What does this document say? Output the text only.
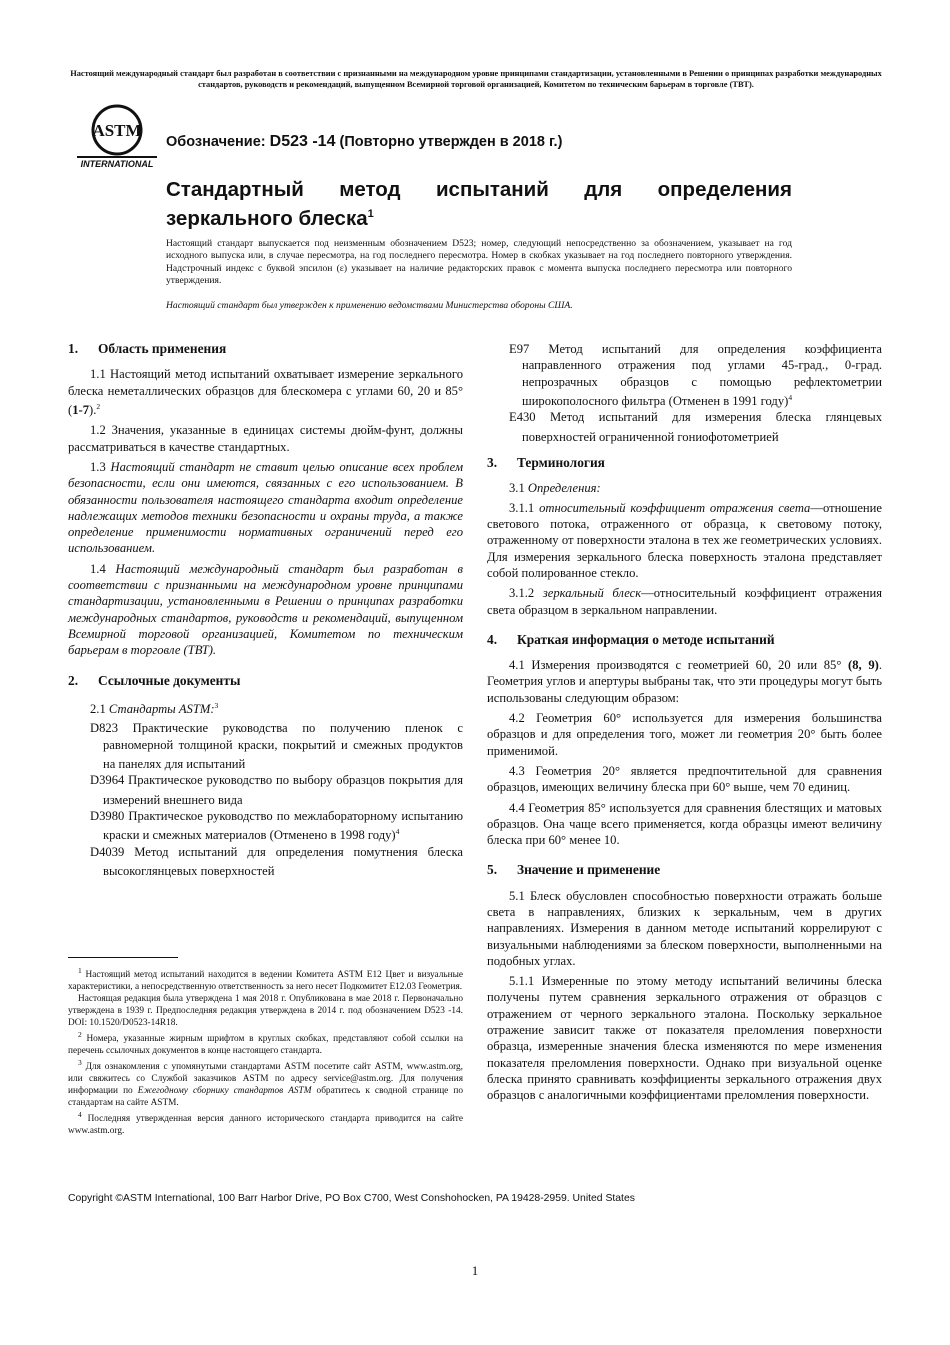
Настоящий международный стандарт был разработан в соответствии с признанными на международном уровне принципами стандартизации, установленными в Решении о принципах разработки международных стандартов, руководств и рекомендаций, выпущенном Всемирной торговой организацией, Комитетом по техническим барьерам в торговле (ТВТ).
ASTM
INTERNATIONAL
Обозначение: D523 -14 (Повторно утвержден в 2018 г.)
Стандартный метод испытаний для определения зеркального блеска$^1$
Настоящий стандарт выпускается под неизменным обозначением D523; номер, следующий непосредственно за обозначением, указывает на год исходного выпуска или, в случае пересмотра, на год последнего пересмотра. Номер в скобках указывает на год последнего повторного утверждения. Надстрочный индекс с буквой эпсилон (ε) указывает на наличие редакторских правок с момента выпуска последнего пересмотра или повторного утверждения.
Настоящий стандарт был утвержден к применению ведомствами Министерства обороны США.
1. Область применения

1.1 Настоящий метод испытаний охватывает измерение зеркального блеска неметаллических образцов для блескомера с углами 60, 20 и 85° (1-7).$^2$

1.2 Значения, указанные в единицах системы дюйм-фунт, должны рассматриваться в качестве стандартных.

1.3 Настоящий стандарт не ставит целью описание всех проблем безопасности, если они имеются, связанных с его использованием. В обязанности пользователя настоящего стандарта входит определение надлежащих методов техники безопасности и охраны труда, а также определение применимости нормативных ограничений перед его использованием.

1.4 Настоящий международный стандарт был разработан в соответствии с признанными на международном уровне принципами стандартизации, установленными в Решении о принципах разработки международных стандартов, руководств и рекомендаций, выпущенном Всемирной торговой организацией, Комитетом по техническим барьерам в торговле (ТВТ).

2. Ссылочные документы
2.1 Стандарты ASTM:$^3$
D823 Практические руководства по получению пленок с равномерной толщиной краски, покрытий и смежных продуктов на панелях для испытаний
D3964 Практическое руководство по выбору образцов покрытия для измерений внешнего вида
D3980 Практическое руководство по межлабораторному испытанию краски и смежных материалов (Отменено в 1998 году)$^4$
D4039 Метод испытаний для определения помутнения блеска высокоглянцевых поверхностей
E97 Метод испытаний для определения коэффициента направленного отражения под углами 45-град., 0-град. непрозрачных образцов с помощью рефлектометрии широкополосного фильтра (Отменен в 1991 году)$^4$
E430 Метод испытаний для измерения блеска глянцевых поверхностей ограниченной гониофотометрией
3. Терминология
3.1 Определения:

3.1.1 относительный коэффициент отражения света—отношение светового потока, отраженного от образца, к световому потоку, отраженному от поверхности эталона в тех же геометрических условиях. Для измерения зеркального блеска поверхность эталона представляет собой полированное стекло.

3.1.2 зеркальный блеск—относительный коэффициент отражения света образцом в зеркальном направлении.

4. Краткая информация о методе испытаний

4.1 Измерения производятся с геометрией 60, 20 или 85° (8, 9). Геометрия углов и апертуры выбраны так, что эти процедуры могут быть использованы следующим образом:

4.2 Геометрия 60° используется для измерения большинства образцов и для определения того, может ли геометрия 20° быть более применимой.

4.3 Геометрия 20° является предпочтительной для сравнения образцов, имеющих величину блеска при 60° выше, чем 70 единиц.

4.4 Геометрия 85° используется для сравнения блестящих и матовых образцов. Она чаще всего применяется, когда образцы имеют величину блеска при 60° менее 10.

5. Значение и применение

5.1 Блеск обусловлен способностью поверхности отражать больше света в направлениях, близких к зеркальным, чем в других направлениях. Измерения в данном методе испытаний коррелируют с визуальными наблюдениями за блеском поверхности, выполненными на подобных углах.

5.1.1 Измеренные по этому методу испытаний величины блеска получены путем сравнения зеркального отражения от образцов с отражением от черного зеркального эталона. Поскольку зеркальное отражение зависит также от показателя преломления поверхности образца, измеренные значения блеска изменяются по мере изменения показателя преломления поверхности. Однако при визуальной оценке блеска принято сравнивать коэффициенты зеркального отражения двух образцов с аналогичными коэффициентами преломления поверхности.

$^1$ Настоящий метод испытаний находится в ведении Комитета ASTM E12 Цвет и визуальные характеристики, а непосредственную ответственность за него несет Подкомитет E12.03 Геометрия.

Настоящая редакция была утверждена 1 мая 2018 г. Опубликована в мае 2018 г. Первоначально утверждена в 1939 г. Предпоследняя редакция утверждена в 2014 г. под обозначением D523 -14. DOI: 10.1520/D0523-14R18.

$^2$ Номера, указанные жирным шрифтом в круглых скобках, представляют собой ссылки на перечень ссылочных документов в конце настоящего стандарта.

$^3$ Для ознакомления с упомянутыми стандартами ASTM посетите сайт ASTM, www.astm.org, или свяжитесь со Службой заказчиков ASTM по адресу service@astm.org. Для получения информации по Ежегодному сборнику стандартов ASTM обратитесь к сводной странице по стандартам на сайте ASTM.

$^4$ Последняя утвержденная версия данного исторического стандарта приводится на сайте www.astm.org.

Copyright ©ASTM International, 100 Barr Harbor Drive, PO Box C700, West Conshohocken, PA 19428-2959. United States
1
